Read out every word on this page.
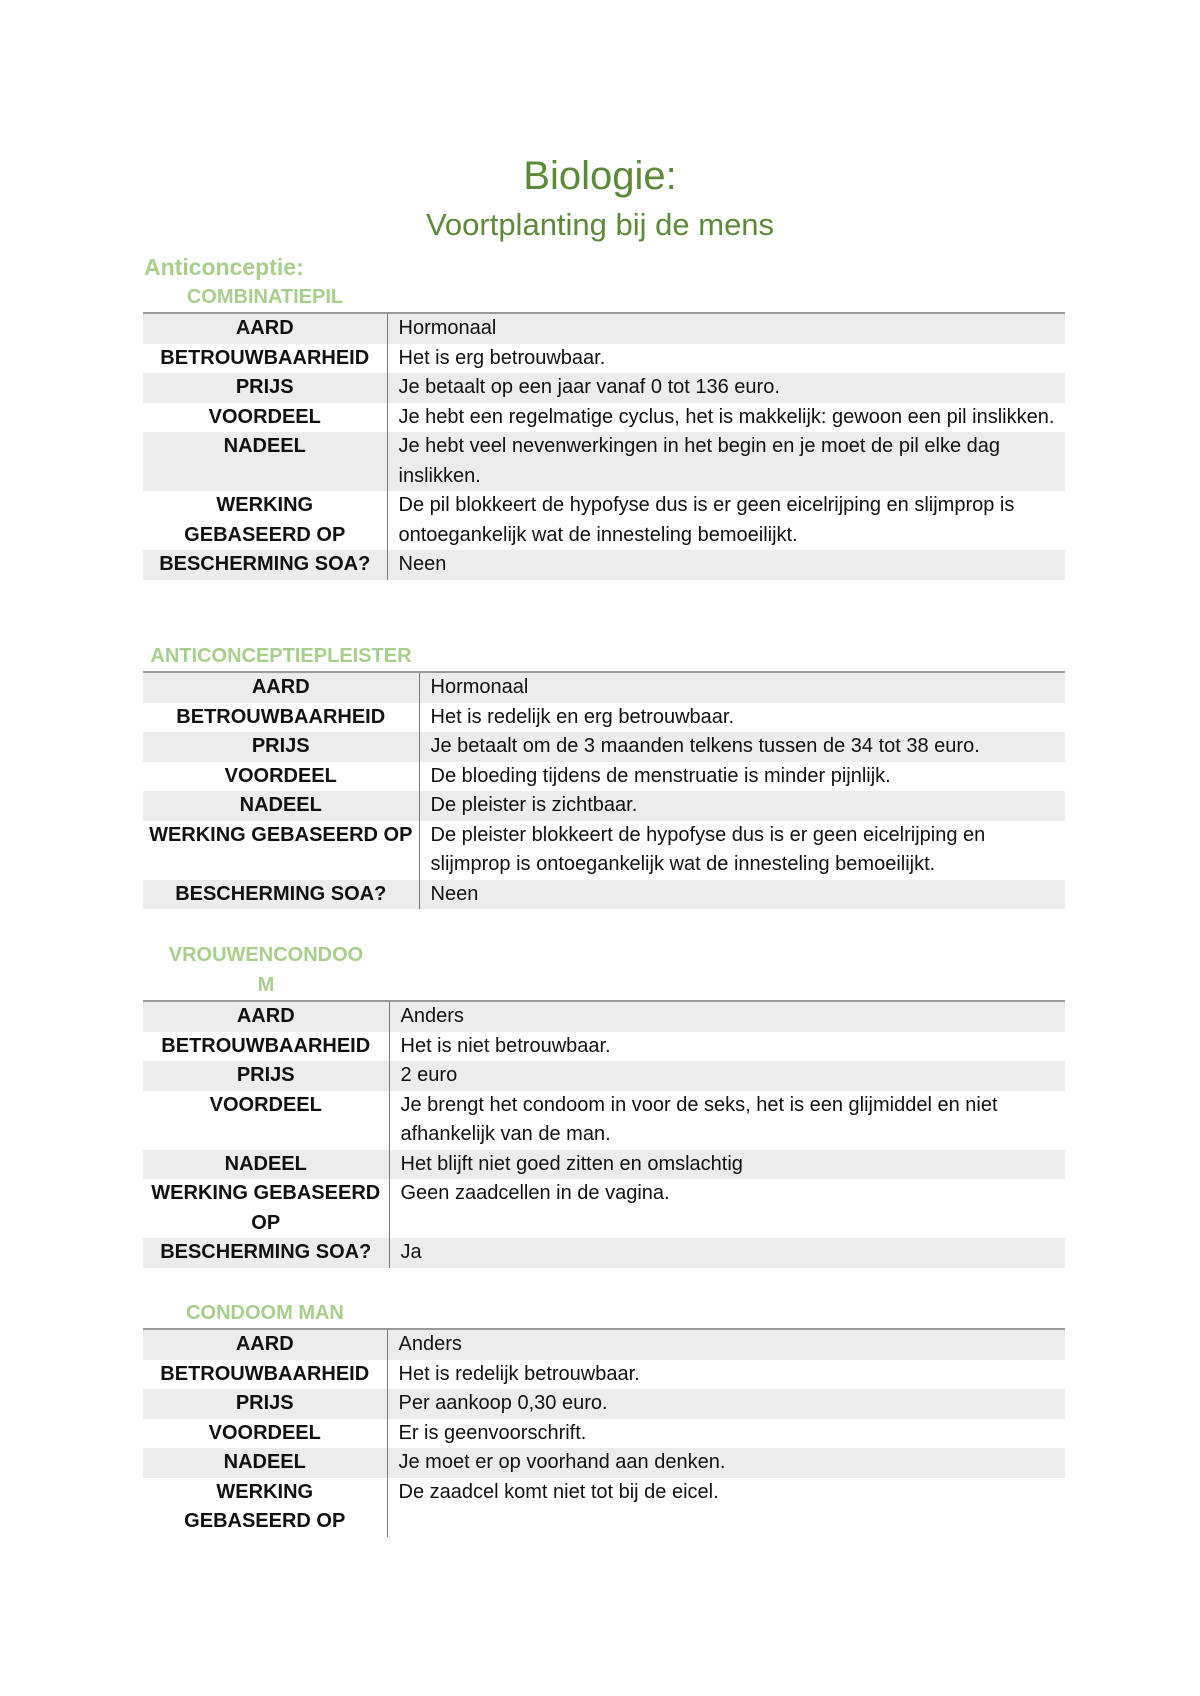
Biologie:
Voortplanting bij de mens
Anticonceptie:
COMBINATIEPIL
AARD	Hormonaal
BETROUWBAARHEID	Het is erg betrouwbaar.
PRIJS	Je betaalt op een jaar vanaf 0 tot 136 euro.
VOORDEEL	Je hebt een regelmatige cyclus, het is makkelijk: gewoon een pil inslikken.
NADEEL	Je hebt veel nevenwerkingen in het begin en je moet de pil elke dag inslikken.
WERKING GEBASEERD OP	De pil blokkeert de hypofyse dus is er geen eicelrijping en slijmprop is ontoegankelijk wat de innesteling bemoeilijkt.
BESCHERMING SOA?	Neen
ANTICONCEPTIEPLEISTER
AARD	Hormonaal
BETROUWBAARHEID	Het is redelijk en erg betrouwbaar.
PRIJS	Je betaalt om de 3 maanden telkens tussen de 34 tot 38 euro.
VOORDEEL	De bloeding tijdens de menstruatie is minder pijnlijk.
NADEEL	De pleister is zichtbaar.
WERKING GEBASEERD OP	De pleister blokkeert de hypofyse dus is er geen eicelrijping en slijmprop is ontoegankelijk wat de innesteling bemoeilijkt.
BESCHERMING SOA?	Neen
VROUWENCONDOOM
AARD	Anders
BETROUWBAARHEID	Het is niet betrouwbaar.
PRIJS	2 euro
VOORDEEL	Je brengt het condoom in voor de seks, het is een glijmiddel en niet afhankelijk van de man.
NADEEL	Het blijft niet goed zitten en omslachtig
WERKING GEBASEERD OP	Geen zaadcellen in de vagina.
BESCHERMING SOA?	Ja
CONDOOM MAN
AARD	Anders
BETROUWBAARHEID	Het is redelijk betrouwbaar.
PRIJS	Per aankoop 0,30 euro.
VOORDEEL	Er is geenvoorschrift.
NADEEL	Je moet er op voorhand aan denken.
WERKING GEBASEERD OP	De zaadcel komt niet tot bij de eicel.
